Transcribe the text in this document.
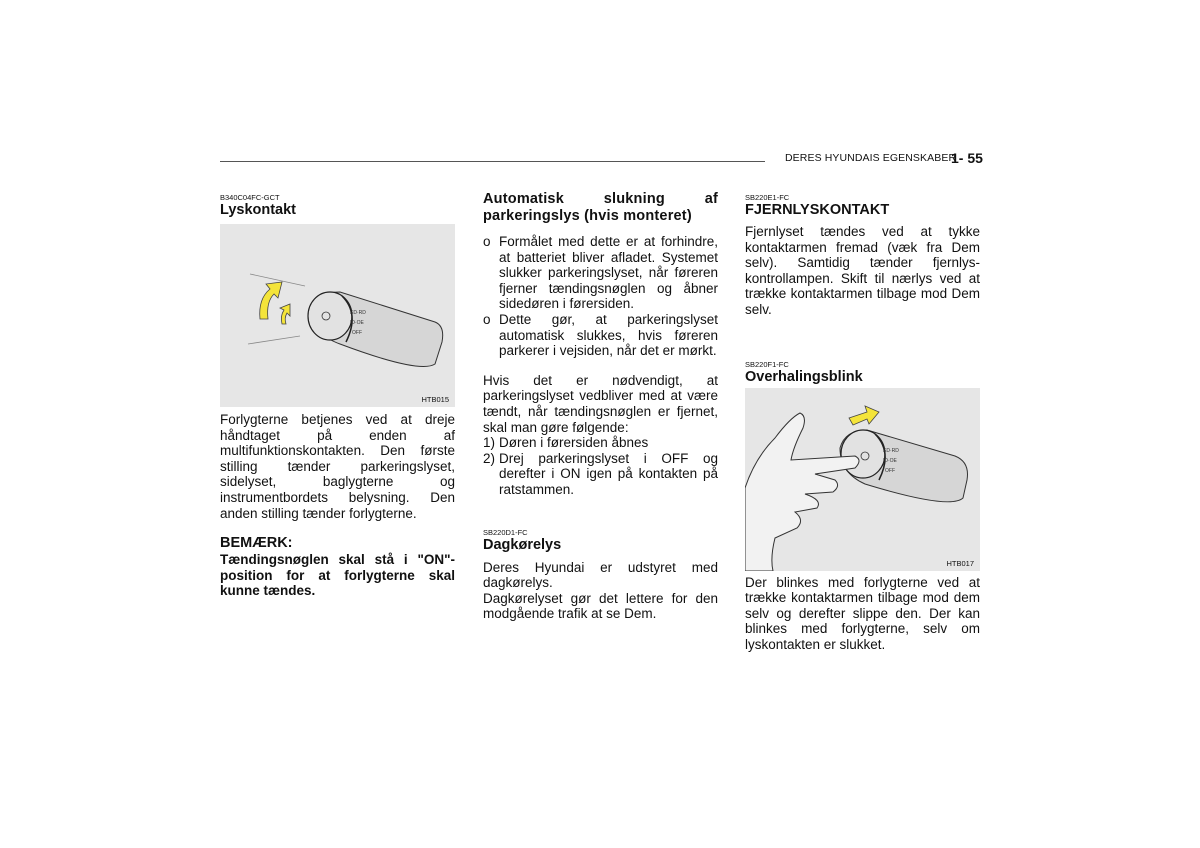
DERES HYUNDAIS EGENSKABER
1- 55

B340C04FC-GCT

Lyskontakt

ED·RD
ID·OE
OFF
HTB015

Forlygterne betjenes ved at dreje håndtaget på enden af multifunktionskontakten. Den første stilling tænder parkeringslyset, sidelyset, baglygterne og instrumentbordets belysning. Den anden stilling tænder forlygterne.

BEMÆRK:

Tændingsnøglen skal stå i "ON"-position for at forlygterne skal kunne tændes.

Automatisk slukning af parkeringslys (hvis monteret)

o Formålet med dette er at forhindre, at batteriet bliver afladet. Systemet slukker parkeringslyset, når føreren fjerner tændingsnøglen og åbner sidedøren i førersiden.
o Dette gør, at parkeringslyset automatisk slukkes, hvis føreren parkerer i vejsiden, når det er mørkt.

Hvis det er nødvendigt, at parkeringslyset vedbliver med at være tændt, når tændingsnøglen er fjernet, skal man gøre følgende:

1) Døren i førersiden åbnes
2) Drej parkeringslyset i OFF og derefter i ON igen på kontakten på ratstammen.

SB220D1-FC

Dagkørelys

Deres Hyundai er udstyret med dagkørelys.

Dagkørelyset gør det lettere for den modgående trafik at se Dem.

SB220E1-FC

FJERNLYSKONTAKT

Fjernlyset tændes ved at tykke kontaktarmen fremad (væk fra Dem selv). Samtidig tænder fjernlys-kontrollampen. Skift til nærlys ved at trække kontaktarmen tilbage mod Dem selv.

SB220F1-FC

Overhalingsblink

ED·RD
ID·OE
OFF
HTB017

Der blinkes med forlygterne ved at trække kontaktarmen tilbage mod dem selv og derefter slippe den. Der kan blinkes med forlygterne, selv om lyskontakten er slukket.
